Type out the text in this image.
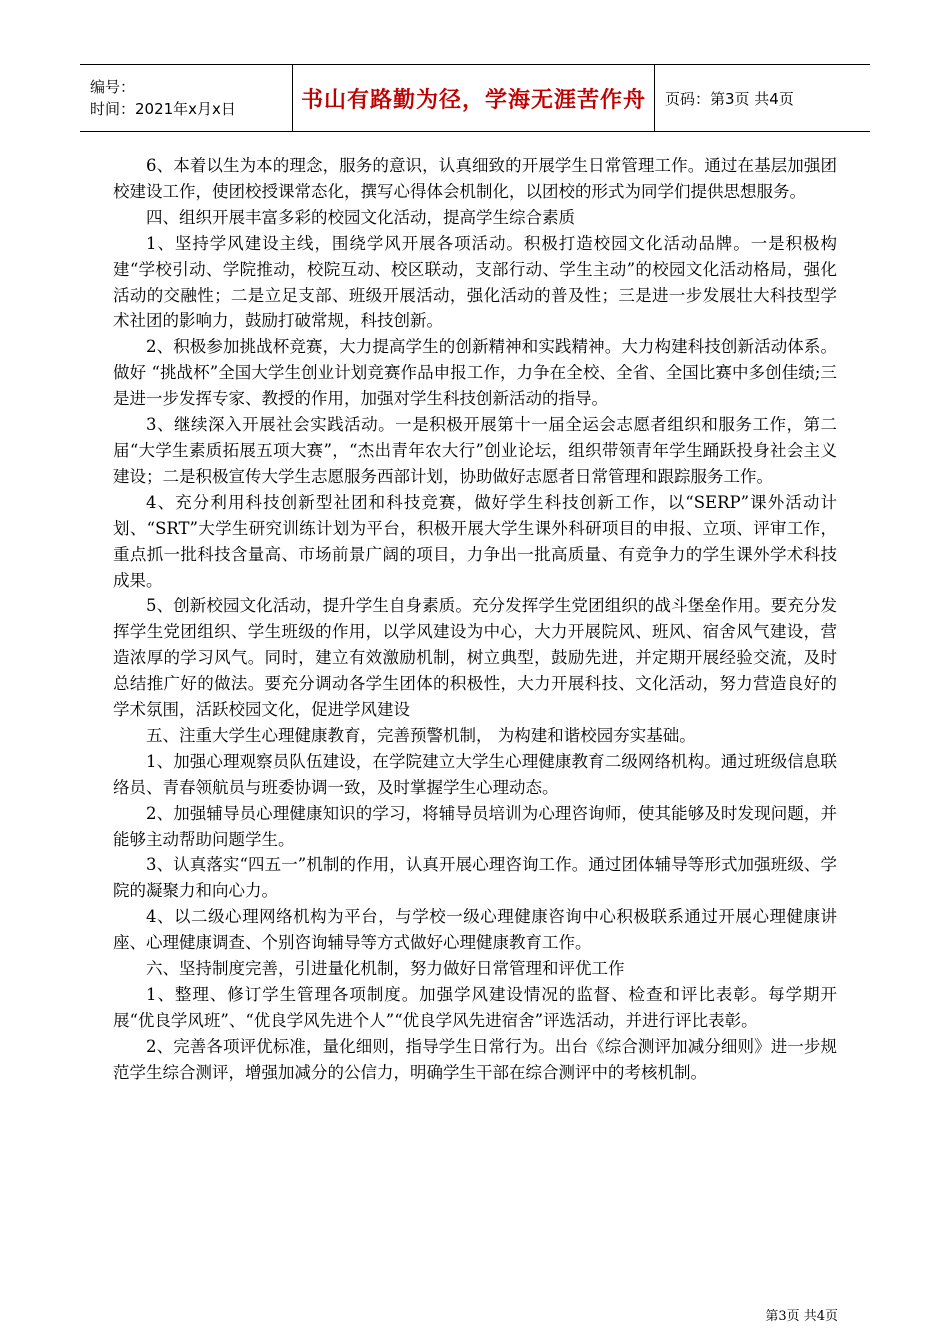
编号：
时间：2021年x月x日	书山有路勤为径，学海无涯苦作舟	页码：第3页 共4页

6、本着以生为本的理念，服务的意识，认真细致的开展学生日常管理工作。通过在基层加强团校建设工作，使团校授课常态化，撰写心得体会机制化，以团校的形式为同学们提供思想服务。

四、组织开展丰富多彩的校园文化活动，提高学生综合素质

1、坚持学风建设主线，围绕学风开展各项活动。积极打造校园文化活动品牌。一是积极构建“学校引动、学院推动，校院互动、校区联动，支部行动、学生主动”的校园文化活动格局，强化活动的交融性；二是立足支部、班级开展活动，强化活动的普及性；三是进一步发展壮大科技型学术社团的影响力，鼓励打破常规，科技创新。

2、积极参加挑战杯竞赛，大力提高学生的创新精神和实践精神。大力构建科技创新活动体系。做好 “挑战杯”全国大学生创业计划竞赛作品申报工作，力争在全校、全省、全国比赛中多创佳绩;三是进一步发挥专家、教授的作用，加强对学生科技创新活动的指导。

3、继续深入开展社会实践活动。一是积极开展第十一届全运会志愿者组织和服务工作，第二届“大学生素质拓展五项大赛”，“杰出青年农大行”创业论坛，组织带领青年学生踊跃投身社会主义建设；二是积极宣传大学生志愿服务西部计划，协助做好志愿者日常管理和跟踪服务工作。

4、充分利用科技创新型社团和科技竞赛，做好学生科技创新工作，以“SERP”课外活动计划、“SRT”大学生研究训练计划为平台，积极开展大学生课外科研项目的申报、立项、评审工作，重点抓一批科技含量高、市场前景广阔的项目，力争出一批高质量、有竞争力的学生课外学术科技成果。

5、创新校园文化活动，提升学生自身素质。充分发挥学生党团组织的战斗堡垒作用。要充分发挥学生党团组织、学生班级的作用，以学风建设为中心，大力开展院风、班风、宿舍风气建设，营造浓厚的学习风气。同时，建立有效激励机制，树立典型，鼓励先进，并定期开展经验交流，及时总结推广好的做法。要充分调动各学生团体的积极性，大力开展科技、文化活动，努力营造良好的学术氛围，活跃校园文化，促进学风建设

五、注重大学生心理健康教育，完善预警机制， 为构建和谐校园夯实基础。

1、加强心理观察员队伍建设，在学院建立大学生心理健康教育二级网络机构。通过班级信息联络员、青春领航员与班委协调一致，及时掌握学生心理动态。

2、加强辅导员心理健康知识的学习，将辅导员培训为心理咨询师，使其能够及时发现问题，并能够主动帮助问题学生。

3、认真落实“四五一”机制的作用，认真开展心理咨询工作。通过团体辅导等形式加强班级、学院的凝聚力和向心力。

4、以二级心理网络机构为平台，与学校一级心理健康咨询中心积极联系通过开展心理健康讲座、心理健康调查、个别咨询辅导等方式做好心理健康教育工作。

六、坚持制度完善，引进量化机制，努力做好日常管理和评优工作

1、整理、修订学生管理各项制度。加强学风建设情况的监督、检查和评比表彰。每学期开展“优良学风班”、“优良学风先进个人”“优良学风先进宿舍”评选活动，并进行评比表彰。

2、完善各项评优标准，量化细则，指导学生日常行为。出台《综合测评加减分细则》进一步规范学生综合测评，增强加减分的公信力，明确学生干部在综合测评中的考核机制。

第3页 共4页
